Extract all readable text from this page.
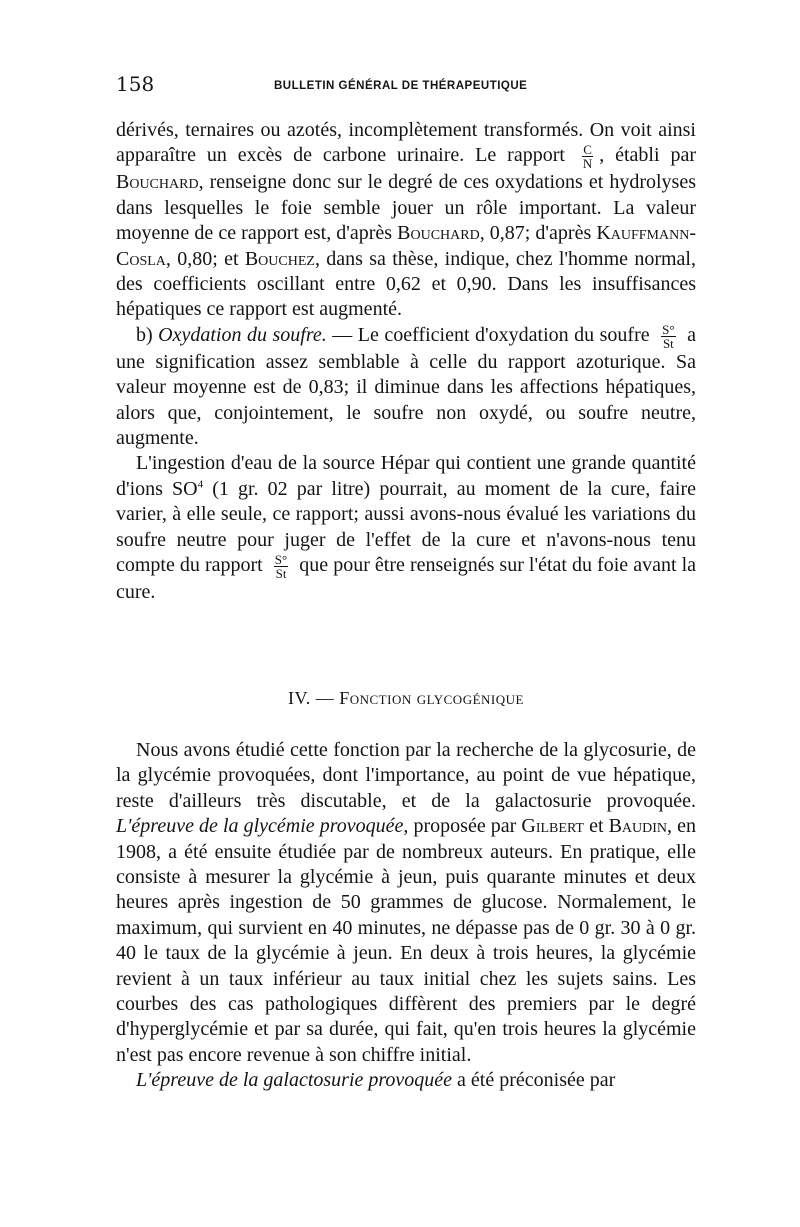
158	BULLETIN GÉNÉRAL DE THÉRAPEUTIQUE

dérivés, ternaires ou azotés, incomplètement transformés. On voit ainsi apparaître un excès de carbone urinaire. Le rapport $\frac{C}{N}$ , établi par Bouchard, renseigne donc sur le degré de ces oxydations et hydrolyses dans lesquelles le foie semble jouer un rôle important. La valeur moyenne de ce rapport est, d'après Bouchard, 0,87; d'après Kauffmann-Cosla, 0,80; et Bouchez, dans sa thèse, indique, chez l'homme normal, des coefficients oscillant entre 0,62 et 0,90. Dans les insuffisances hépatiques ce rapport est augmenté.

b) Oxydation du soufre. — Le coefficient d'oxydation du soufre $\frac{S^\circ}{St}$ a une signification assez semblable à celle du rapport azoturique. Sa valeur moyenne est de 0,83; il diminue dans les affections hépatiques, alors que, conjointement, le soufre non oxydé, ou soufre neutre, augmente.

L'ingestion d'eau de la source Hépar qui contient une grande quantité d'ions $SO^4$ (1 gr. 02 par litre) pourrait, au moment de la cure, faire varier, à elle seule, ce rapport; aussi avons-nous évalué les variations du soufre neutre pour juger de l'effet de la cure et n'avons-nous tenu compte du rapport $\frac{S^\circ}{St}$ que pour être renseignés sur l'état du foie avant la cure.

IV. — Fonction glycogénique

Nous avons étudié cette fonction par la recherche de la glycosurie, de la glycémie provoquées, dont l'importance, au point de vue hépatique, reste d'ailleurs très discutable, et de la galactosurie provoquée. L'épreuve de la glycémie provoquée, proposée par Gilbert et Baudin, en 1908, a été ensuite étudiée par de nombreux auteurs. En pratique, elle consiste à mesurer la glycémie à jeun, puis quarante minutes et deux heures après ingestion de 50 grammes de glucose. Normalement, le maximum, qui survient en 40 minutes, ne dépasse pas de 0 gr. 30 à 0 gr. 40 le taux de la glycémie à jeun. En deux à trois heures, la glycémie revient à un taux inférieur au taux initial chez les sujets sains. Les courbes des cas pathologiques diffèrent des premiers par le degré d'hyperglycémie et par sa durée, qui fait, qu'en trois heures la glycémie n'est pas encore revenue à son chiffre initial.

L'épreuve de la galactosurie provoquée a été préconisée par
